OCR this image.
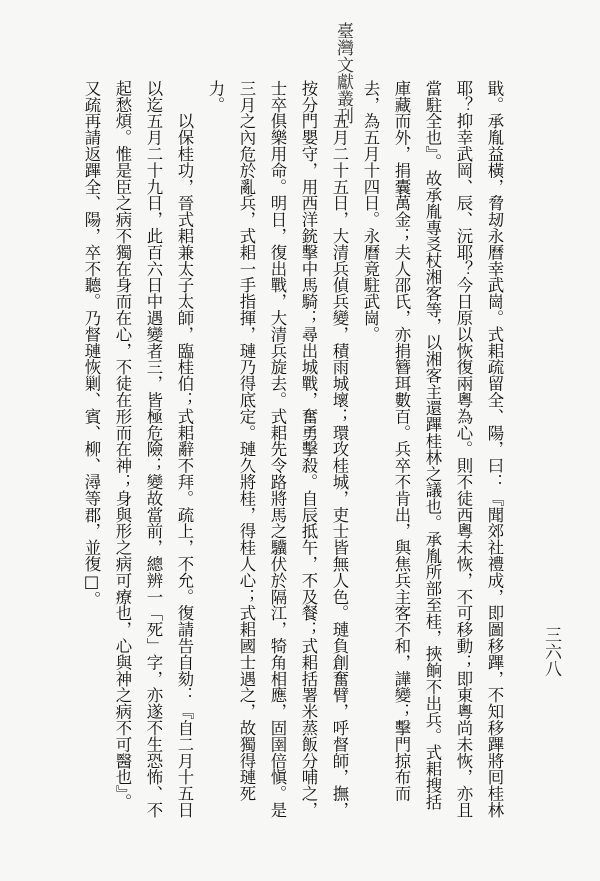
臺灣文獻叢刊
三六八
戢。承胤益橫，脅刼永曆幸武崗。式耜疏留全、陽，曰：『聞郊社禮成，即圖移蹕，不知移蹕將囘桂林耶？抑幸武岡、辰、沅耶？今日原以恢復兩粵為心。則不徒西粵未恢，不可移動；即東粵尚未恢，亦且當駐全也』。故承胤專㕛杖湘客等，以湘客主還蹕桂林之議也。承胤所部至桂，挾餉不出兵。式耜搜括庫藏而外，捐囊萬金；夫人邵氏，亦捐簪珥數百。兵卒不肯出，與焦兵主客不和，譁變；擊門掠布而去，為五月十四日。永曆竟駐武崗。
五月二十五日，大清兵偵兵變，積雨城壞；環攻桂城，吏士皆無人色。璉負創奮臂，呼督師，撫，按分門嬰守，用西洋銃擊中馬騎；尋出城戰，奮勇擊殺。自辰抵午，不及餐；式耜括署米蒸飯分哺之，士卒俱樂用命。明日，復出戰，大清兵旋去。式耜先令路將馬之驥伏於隔江，犄角相應，固圉倍愼。是三月之內危於亂兵，式耜一手指揮，璉乃得底定。璉久將桂，得桂人心；式耜國士遇之，故獨得璉死力。
以保桂功，晉式耜兼太子太師，臨桂伯；式耜辭不拜。疏上，不允。復請告自劾：『自二月十五日以迄五月二十九日，此百六日中遇變者三，皆極危險；變故當前，總辨一「死」字，亦遂不生恐怖、不起愁煩。惟是臣之病不獨在身而在心，不徒在形而在神；身與形之病可療也，心與神之病不可醫也』。又疏再請返蹕全、陽，卒不聽。乃督璉恢剿、賓、柳、潯等郡，並復□。
